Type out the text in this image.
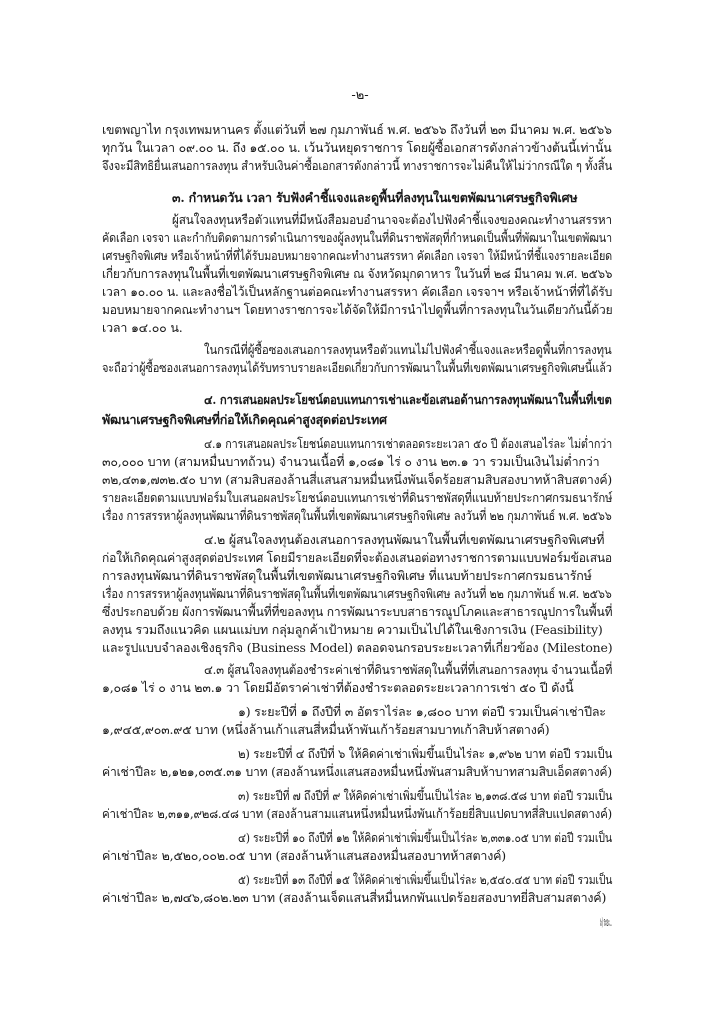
-๒-
เขตพญาไท กรุงเทพมหานคร ตั้งแต่วันที่ ๒๗ กุมภาพันธ์ พ.ศ. ๒๕๖๖ ถึงวันที่ ๒๓ มีนาคม พ.ศ. ๒๕๖๖
ทุกวัน ในเวลา ๐๙.๐๐ น. ถึง ๑๕.๐๐ น. เว้นวันหยุดราชการ โดยผู้ซื้อเอกสารดังกล่าวข้างต้นนี้เท่านั้น
จึงจะมีสิทธิยื่นเสนอการลงทุน สำหรับเงินค่าซื้อเอกสารดังกล่าวนี้ ทางราชการจะไม่คืนให้ไม่ว่ากรณีใด ๆ ทั้งสิ้น
๓. กำหนดวัน เวลา รับฟังคำชี้แจงและดูพื้นที่ลงทุนในเขตพัฒนาเศรษฐกิจพิเศษ
ผู้สนใจลงทุนหรือตัวแทนที่มีหนังสือมอบอำนาจจะต้องไปฟังคำชี้แจงของคณะทำงานสรรหา
คัดเลือก เจรจา และกำกับติดตามการดำเนินการของผู้ลงทุนในที่ดินราชพัสดุที่กำหนดเป็นพื้นที่พัฒนาในเขตพัฒนา
เศรษฐกิจพิเศษ หรือเจ้าหน้าที่ที่ได้รับมอบหมายจากคณะทำงานสรรหา คัดเลือก เจรจา ให้มีหน้าที่ชี้แจงรายละเอียด
เกี่ยวกับการลงทุนในพื้นที่เขตพัฒนาเศรษฐกิจพิเศษ ณ จังหวัดมุกดาหาร ในวันที่ ๒๘ มีนาคม พ.ศ. ๒๕๖๖
เวลา ๑๐.๐๐ น. และลงชื่อไว้เป็นหลักฐานต่อคณะทำงานสรรหา คัดเลือก เจรจาฯ หรือเจ้าหน้าที่ที่ได้รับ
มอบหมายจากคณะทำงานฯ โดยทางราชการจะได้จัดให้มีการนำไปดูพื้นที่การลงทุนในวันเดียวกันนี้ด้วย
เวลา ๑๔.๐๐ น.
ในกรณีที่ผู้ซื้อซองเสนอการลงทุนหรือตัวแทนไม่ไปฟังคำชี้แจงและหรือดูพื้นที่การลงทุน
จะถือว่าผู้ซื้อซองเสนอการลงทุนได้รับทราบรายละเอียดเกี่ยวกับการพัฒนาในพื้นที่เขตพัฒนาเศรษฐกิจพิเศษนี้แล้ว
๔. การเสนอผลประโยชน์ตอบแทนการเช่าและข้อเสนอด้านการลงทุนพัฒนาในพื้นที่เขต
พัฒนาเศรษฐกิจพิเศษที่ก่อให้เกิดคุณค่าสูงสุดต่อประเทศ
๔.๑ การเสนอผลประโยชน์ตอบแทนการเช่าตลอดระยะเวลา ๕๐ ปี ต้องเสนอไร่ละ ไม่ต่ำกว่า
๓๐,๐๐๐ บาท (สามหมื่นบาทถ้วน) จำนวนเนื้อที่ ๑,๐๘๑ ไร่ ๐ งาน ๒๓.๑ วา รวมเป็นเงินไม่ต่ำกว่า
๓๒,๔๓๑,๗๓๒.๕๐ บาท (สามสิบสองล้านสี่แสนสามหมื่นหนึ่งพันเจ็ดร้อยสามสิบสองบาทห้าสิบสตางค์)
รายละเอียดตามแบบฟอร์มใบเสนอผลประโยชน์ตอบแทนการเช่าที่ดินราชพัสดุที่แนบท้ายประกาศกรมธนารักษ์
เรื่อง การสรรหาผู้ลงทุนพัฒนาที่ดินราชพัสดุในพื้นที่เขตพัฒนาเศรษฐกิจพิเศษ ลงวันที่ ๒๒ กุมภาพันธ์ พ.ศ. ๒๕๖๖
๔.๒ ผู้สนใจลงทุนต้องเสนอการลงทุนพัฒนาในพื้นที่เขตพัฒนาเศรษฐกิจพิเศษที่
ก่อให้เกิดคุณค่าสูงสุดต่อประเทศ โดยมีรายละเอียดที่จะต้องเสนอต่อทางราชการตามแบบฟอร์มข้อเสนอ
การลงทุนพัฒนาที่ดินราชพัสดุในพื้นที่เขตพัฒนาเศรษฐกิจพิเศษ ที่แนบท้ายประกาศกรมธนารักษ์
เรื่อง การสรรหาผู้ลงทุนพัฒนาที่ดินราชพัสดุในพื้นที่เขตพัฒนาเศรษฐกิจพิเศษ ลงวันที่ ๒๒ กุมภาพันธ์ พ.ศ. ๒๕๖๖
ซึ่งประกอบด้วย ผังการพัฒนาพื้นที่ที่ขอลงทุน การพัฒนาระบบสาธารณูปโภคและสาธารณูปการในพื้นที่
ลงทุน รวมถึงแนวคิด แผนแม่บท กลุ่มลูกค้าเป้าหมาย ความเป็นไปได้ในเชิงการเงิน (Feasibility)
และรูปแบบจำลองเชิงธุรกิจ (Business Model) ตลอดจนกรอบระยะเวลาที่เกี่ยวข้อง (Milestone)
๔.๓ ผู้สนใจลงทุนต้องชำระค่าเช่าที่ดินราชพัสดุในพื้นที่ที่เสนอการลงทุน จำนวนเนื้อที่
๑,๐๘๑ ไร่ ๐ งาน ๒๓.๑ วา โดยมีอัตราค่าเช่าที่ต้องชำระตลอดระยะเวลาการเช่า ๕๐ ปี ดังนี้
๑) ระยะปีที่ ๑ ถึงปีที่ ๓ อัตราไร่ละ ๑,๘๐๐ บาท ต่อปี รวมเป็นค่าเช่าปีละ
๑,๙๔๕,๙๐๓.๙๕ บาท (หนึ่งล้านเก้าแสนสี่หมื่นห้าพันเก้าร้อยสามบาทเก้าสิบห้าสตางค์)
๒) ระยะปีที่ ๔ ถึงปีที่ ๖ ให้คิดค่าเช่าเพิ่มขึ้นเป็นไร่ละ ๑,๙๖๒ บาท ต่อปี รวมเป็น
ค่าเช่าปีละ ๒,๑๒๑,๐๓๕.๓๑ บาท (สองล้านหนึ่งแสนสองหมื่นหนึ่งพันสามสิบห้าบาทสามสิบเอ็ดสตางค์)
๓) ระยะปีที่ ๗ ถึงปีที่ ๙ ให้คิดค่าเช่าเพิ่มขึ้นเป็นไร่ละ ๒,๑๓๘.๕๘ บาท ต่อปี รวมเป็น
ค่าเช่าปีละ ๒,๓๑๑,๙๒๘.๔๘ บาท (สองล้านสามแสนหนึ่งหมื่นหนึ่งพันเก้าร้อยยี่สิบแปดบาทสี่สิบแปดสตางค์)
๔) ระยะปีที่ ๑๐ ถึงปีที่ ๑๒ ให้คิดค่าเช่าเพิ่มขึ้นเป็นไร่ละ ๒,๓๓๑.๐๕ บาท ต่อปี รวมเป็น
ค่าเช่าปีละ ๒,๕๒๐,๐๐๒.๐๕ บาท (สองล้านห้าแสนสองหมื่นสองบาทห้าสตางค์)
๕) ระยะปีที่ ๑๓ ถึงปีที่ ๑๕ ให้คิดค่าเช่าเพิ่มขึ้นเป็นไร่ละ ๒,๕๔๐.๔๕ บาท ต่อปี รวมเป็น
ค่าเช่าปีละ ๒,๗๔๖,๘๐๒.๒๓ บาท (สองล้านเจ็ดแสนสี่หมื่นหกพันแปดร้อยสองบาทยี่สิบสามสตางค์)
๖) ระยะ...
